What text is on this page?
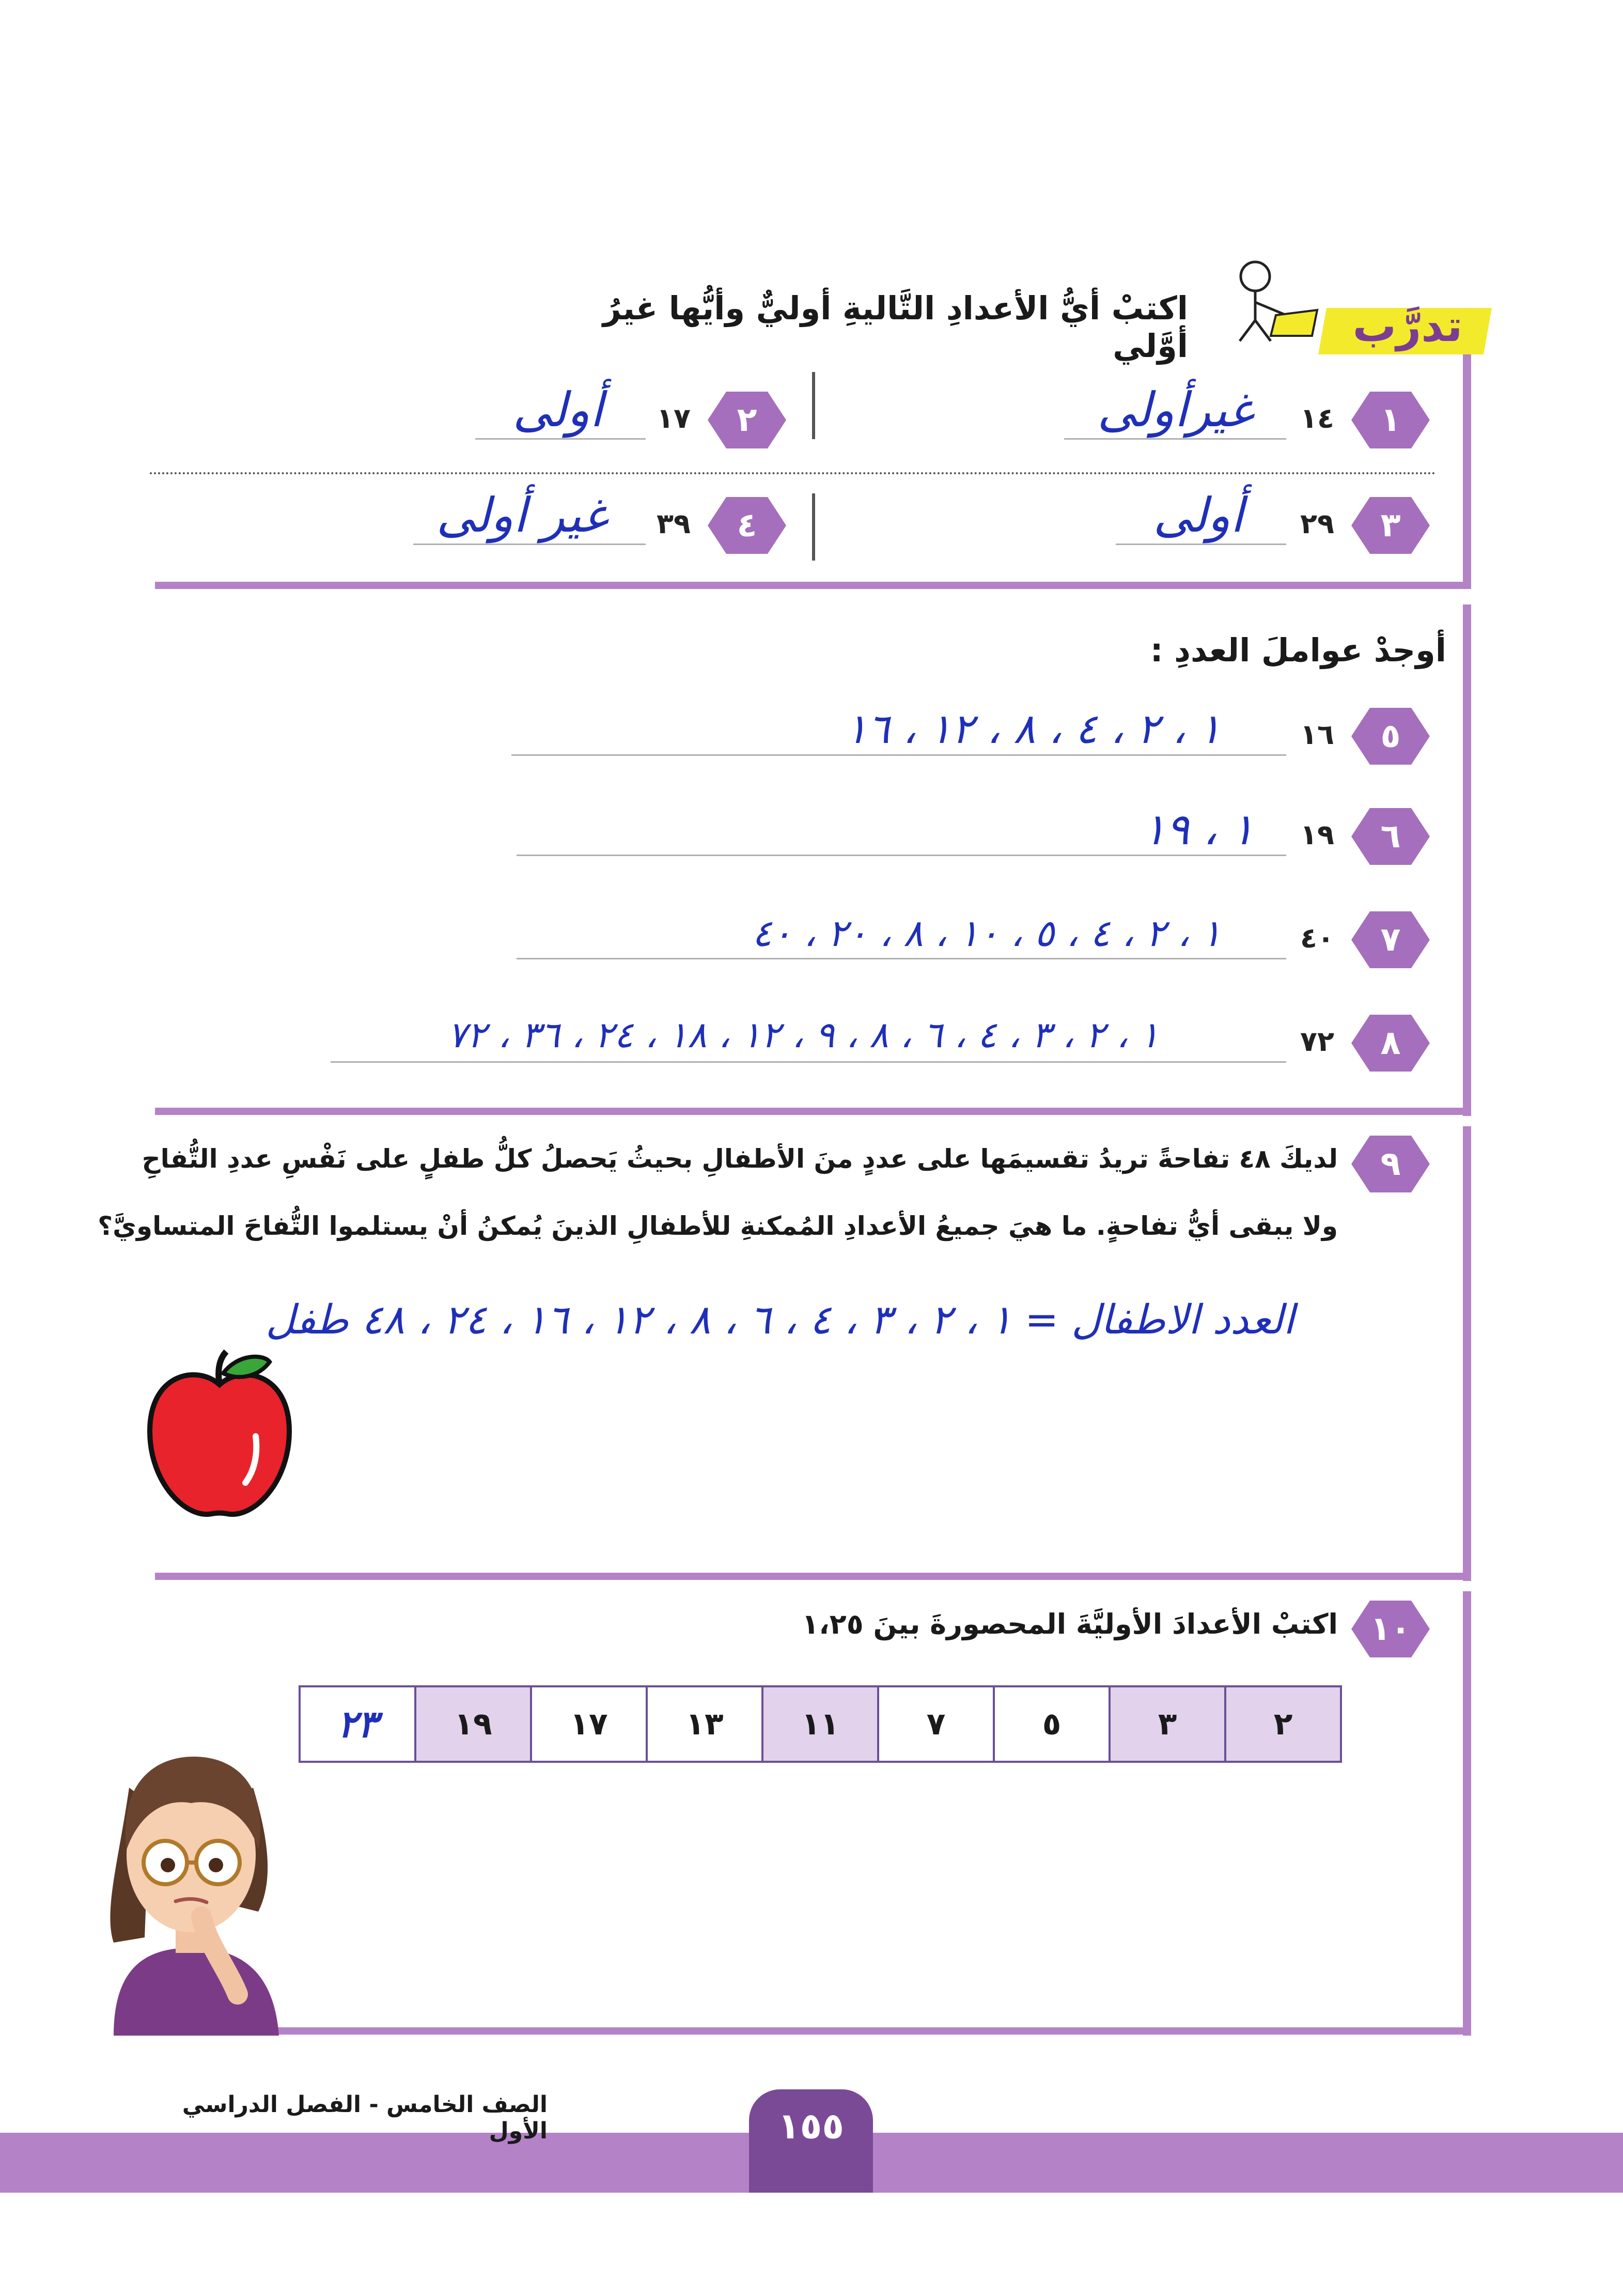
تدرَّب
اكتبْ أيُّ الأعدادِ التَّاليةِ أوليٌّ وأيُّها غيرُ أوَّلي
١
١٤
غيرأولى
٢
١٧
أولى
٣
٢٩
أولى
٤
٣٩
غير أولى
أوجدْ عواملَ العددِ :
٥
١٦
١ ، ٢ ، ٤ ، ٨ ، ١٢ ، ١٦
٦
١٩
١ ، ١٩
٧
٤٠
١ ، ٢ ، ٤ ، ٥ ، ١٠ ، ٨ ، ٢٠ ، ٤٠
٨
٧٢
١ ، ٢ ، ٣ ، ٤ ، ٦ ، ٨ ، ٩ ، ١٢ ، ١٨ ، ٢٤ ، ٣٦ ، ٧٢
٩
لديكَ ٤٨ تفاحةً تريدُ تقسيمَها على عددٍ منَ الأطفالِ بحيثُ يَحصلُ كلُّ طفلٍ على نَفْسِ عددِ التُّفاحِ
ولا يبقى أيُّ تفاحةٍ. ما هيَ جميعُ الأعدادِ المُمكنةِ للأطفالِ الذينَ يُمكنُ أنْ يستلموا التُّفاحَ المتساويَّ؟
العدد الاطفال = ١ ، ٢ ، ٣ ، ٤ ، ٦ ، ٨ ، ١٢ ، ١٦ ، ٢٤ ، ٤٨ طفل
١٠
اكتبْ الأعدادَ الأوليَّةَ المحصورةَ بينَ ١،٢٥
٢
٣
٥
٧
١١
١٣
١٧
١٩
٢٣
١٥٥
الصف الخامس - الفصل الدراسي الأول
